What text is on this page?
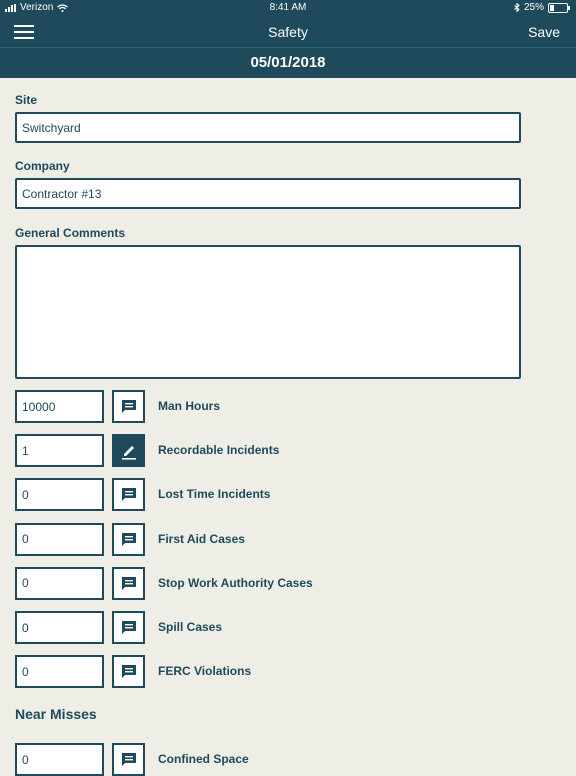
Verizon	8:41 AM	25%
Safety	Save
05/01/2018
Site
Switchyard
Company
Contractor #13
General Comments
10000	Man Hours
1	Recordable Incidents
0	Lost Time Incidents
0	First Aid Cases
0	Stop Work Authority Cases
0	Spill Cases
0	FERC Violations
Near Misses
0	Confined Space
